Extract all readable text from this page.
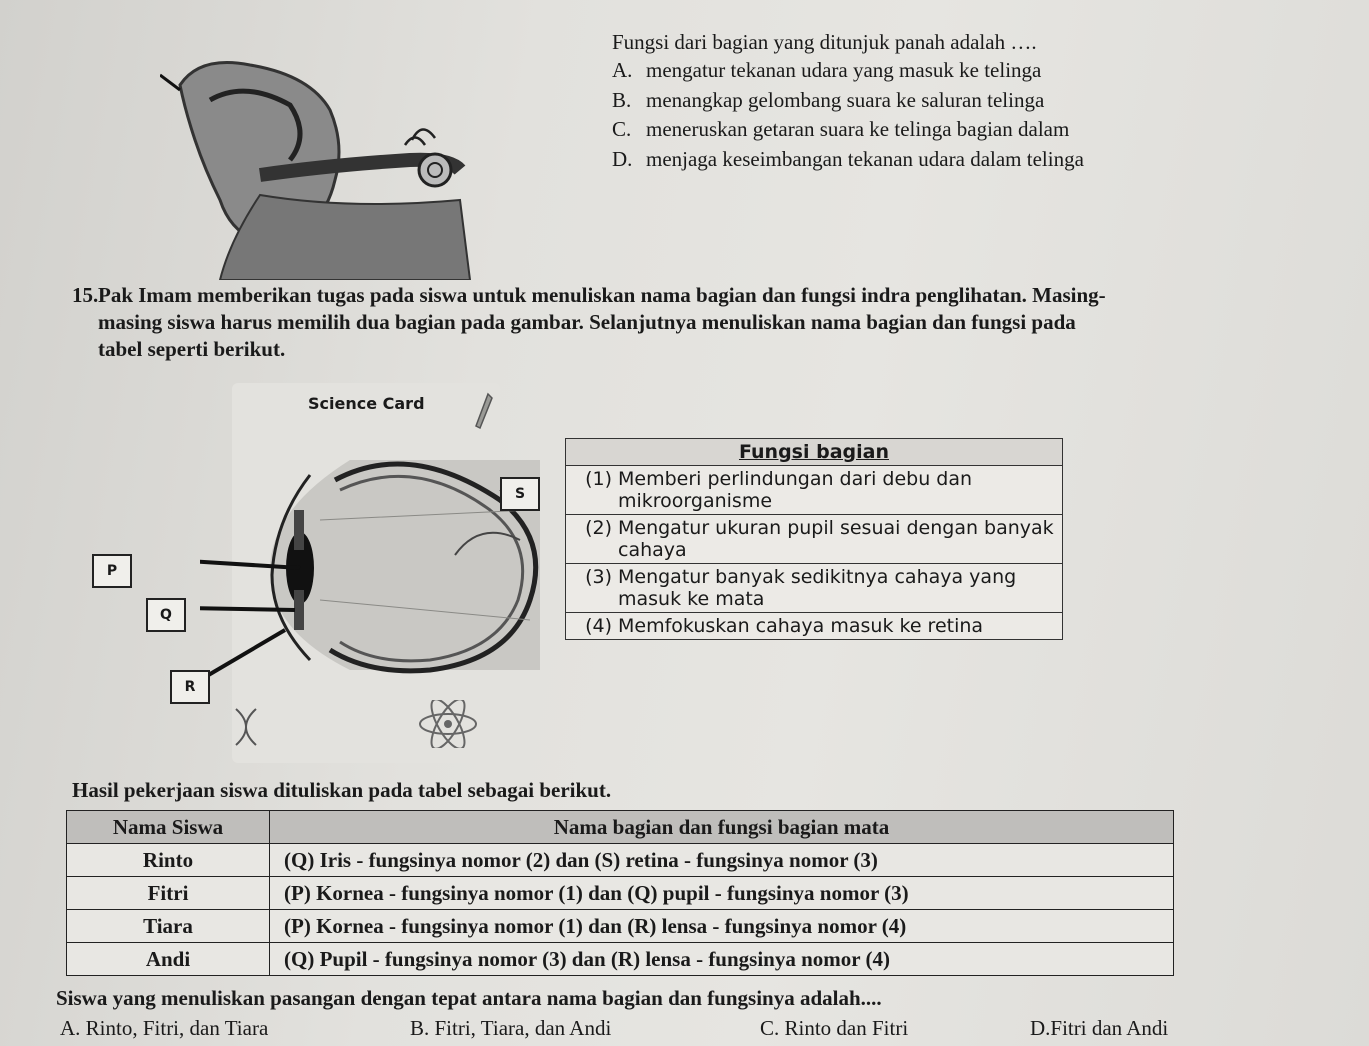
Fungsi dari bagian yang ditunjuk panah adalah ….
A. mengatur tekanan udara yang masuk ke telinga
B. menangkap gelombang suara ke saluran telinga
C. meneruskan getaran suara ke telinga bagian dalam
D. menjaga keseimbangan tekanan udara dalam telinga
15.Pak Imam memberikan tugas pada siswa untuk menuliskan nama bagian dan fungsi indra penglihatan. Masing-
masing siswa harus memilih dua bagian pada gambar. Selanjutnya menuliskan nama bagian dan fungsi pada
tabel seperti berikut.
Science Card
S
P
Q
R
Fungsi bagian

(1) Memberi perlindungan dari debu dan mikroorganisme

(2) Mengatur ukuran pupil sesuai dengan banyak cahaya

(3) Mengatur banyak sedikitnya cahaya yang masuk ke mata

(4) Memfokuskan cahaya masuk ke retina
Hasil pekerjaan siswa dituliskan pada tabel sebagai berikut.
Nama Siswa	Nama bagian dan fungsi bagian mata
Rinto	(Q) Iris - fungsinya nomor (2) dan (S) retina - fungsinya nomor (3)
Fitri	(P) Kornea - fungsinya nomor (1) dan (Q) pupil - fungsinya nomor (3)
Tiara	(P) Kornea - fungsinya nomor (1) dan (R) lensa - fungsinya nomor (4)
Andi	(Q) Pupil - fungsinya nomor (3) dan (R) lensa - fungsinya nomor (4)
Siswa yang menuliskan pasangan dengan tepat antara nama bagian dan fungsinya adalah....
A. Rinto, Fitri, dan Tiara	B. Fitri, Tiara, dan Andi	C. Rinto dan Fitri	D.Fitri dan Andi
